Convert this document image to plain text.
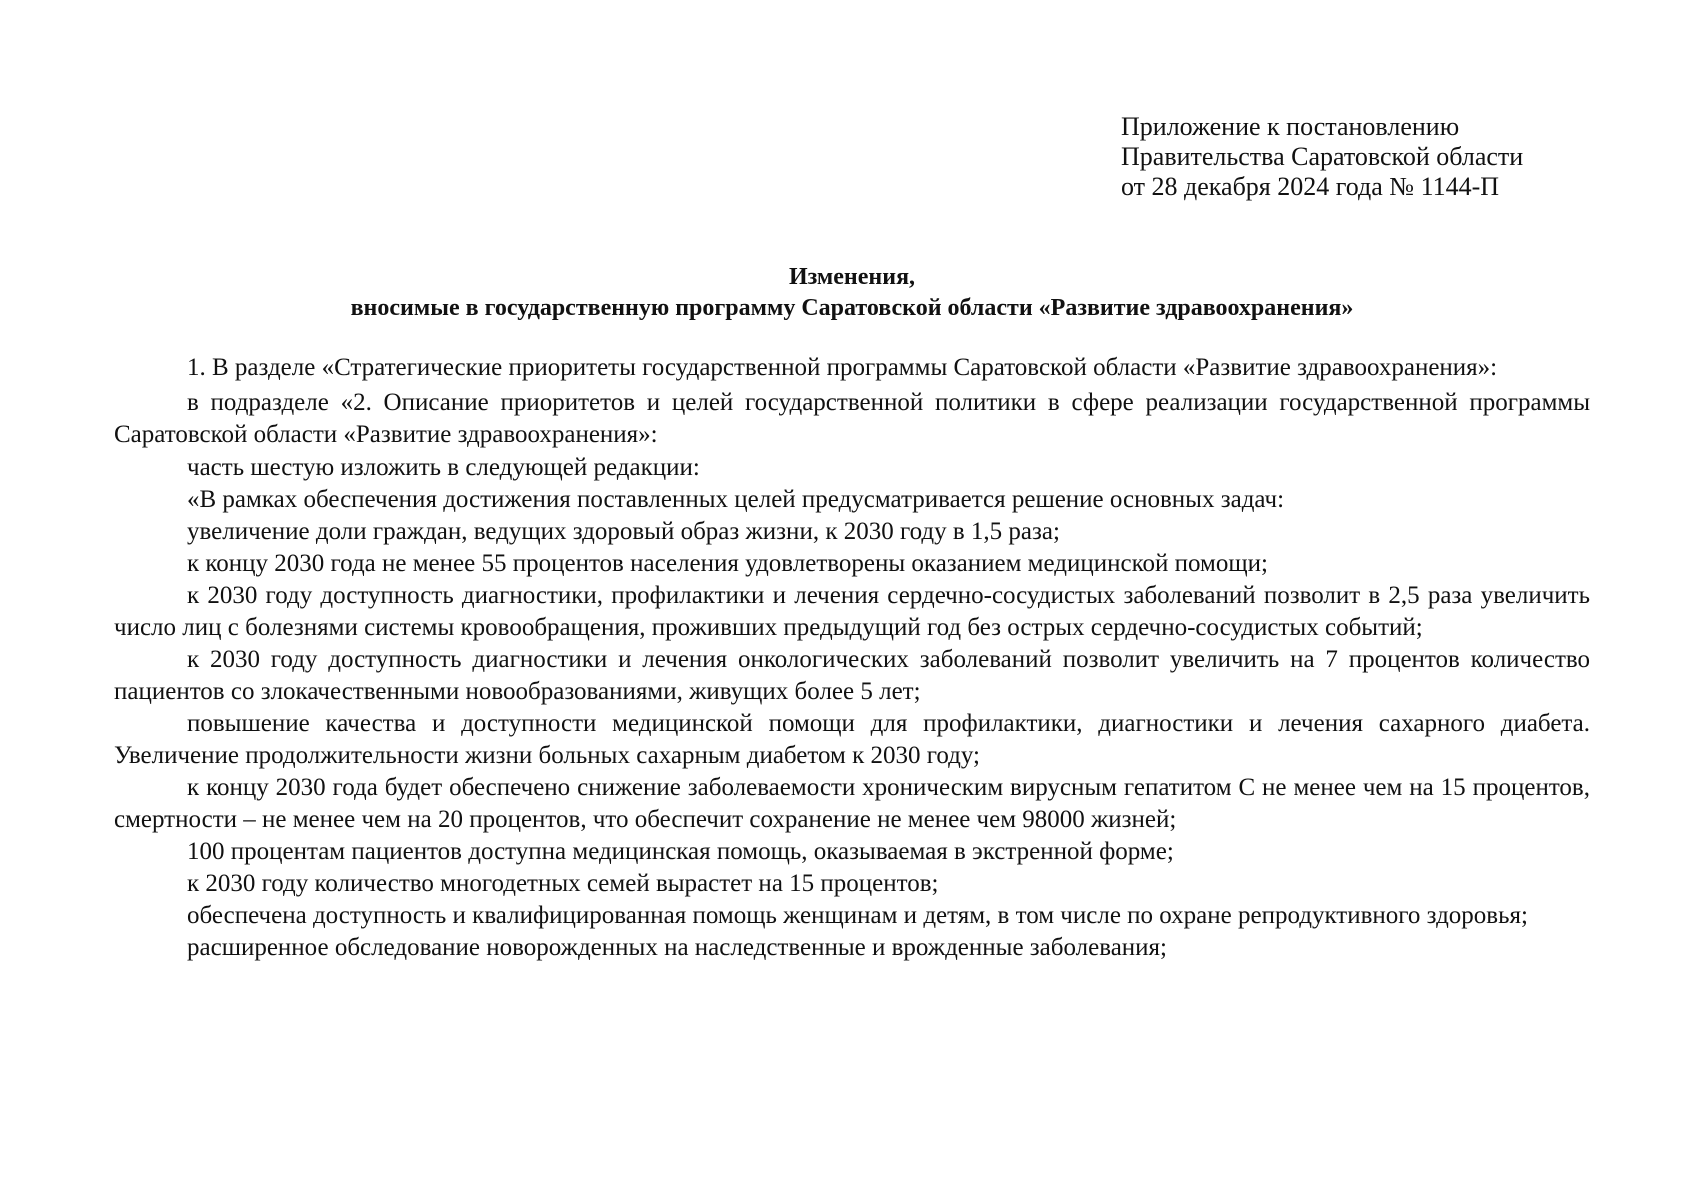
Приложение к постановлению
Правительства Саратовской области
от 28 декабря 2024 года № 1144-П
Изменения,
вносимые в государственную программу Саратовской области «Развитие здравоохранения»

1. В разделе «Стратегические приоритеты государственной программы Саратовской области «Развитие здравоохранения»:

в подразделе «2. Описание приоритетов и целей государственной политики в сфере реализации государственной программы Саратовской области «Развитие здравоохранения»:

часть шестую изложить в следующей редакции:

«В рамках обеспечения достижения поставленных целей предусматривается решение основных задач:

увеличение доли граждан, ведущих здоровый образ жизни, к 2030 году в 1,5 раза;

к концу 2030 года не менее 55 процентов населения удовлетворены оказанием медицинской помощи;

к 2030 году доступность диагностики, профилактики и лечения сердечно-сосудистых заболеваний позволит в 2,5 раза увеличить число лиц с болезнями системы кровообращения, проживших предыдущий год без острых сердечно-сосудистых событий;

к 2030 году доступность диагностики и лечения онкологических заболеваний позволит увеличить на 7 процентов количество пациентов со злокачественными новообразованиями, живущих более 5 лет;

повышение качества и доступности медицинской помощи для профилактики, диагностики и лечения сахарного диабета. Увеличение продолжительности жизни больных сахарным диабетом к 2030 году;

к концу 2030 года будет обеспечено снижение заболеваемости хроническим вирусным гепатитом С не менее чем на 15 процентов, смертности – не менее чем на 20 процентов, что обеспечит сохранение не менее чем 98000 жизней;

100 процентам пациентов доступна медицинская помощь, оказываемая в экстренной форме;

к 2030 году количество многодетных семей вырастет на 15 процентов;

обеспечена доступность и квалифицированная помощь женщинам и детям, в том числе по охране репродуктивного здоровья;

расширенное обследование новорожденных на наследственные и врожденные заболевания;
